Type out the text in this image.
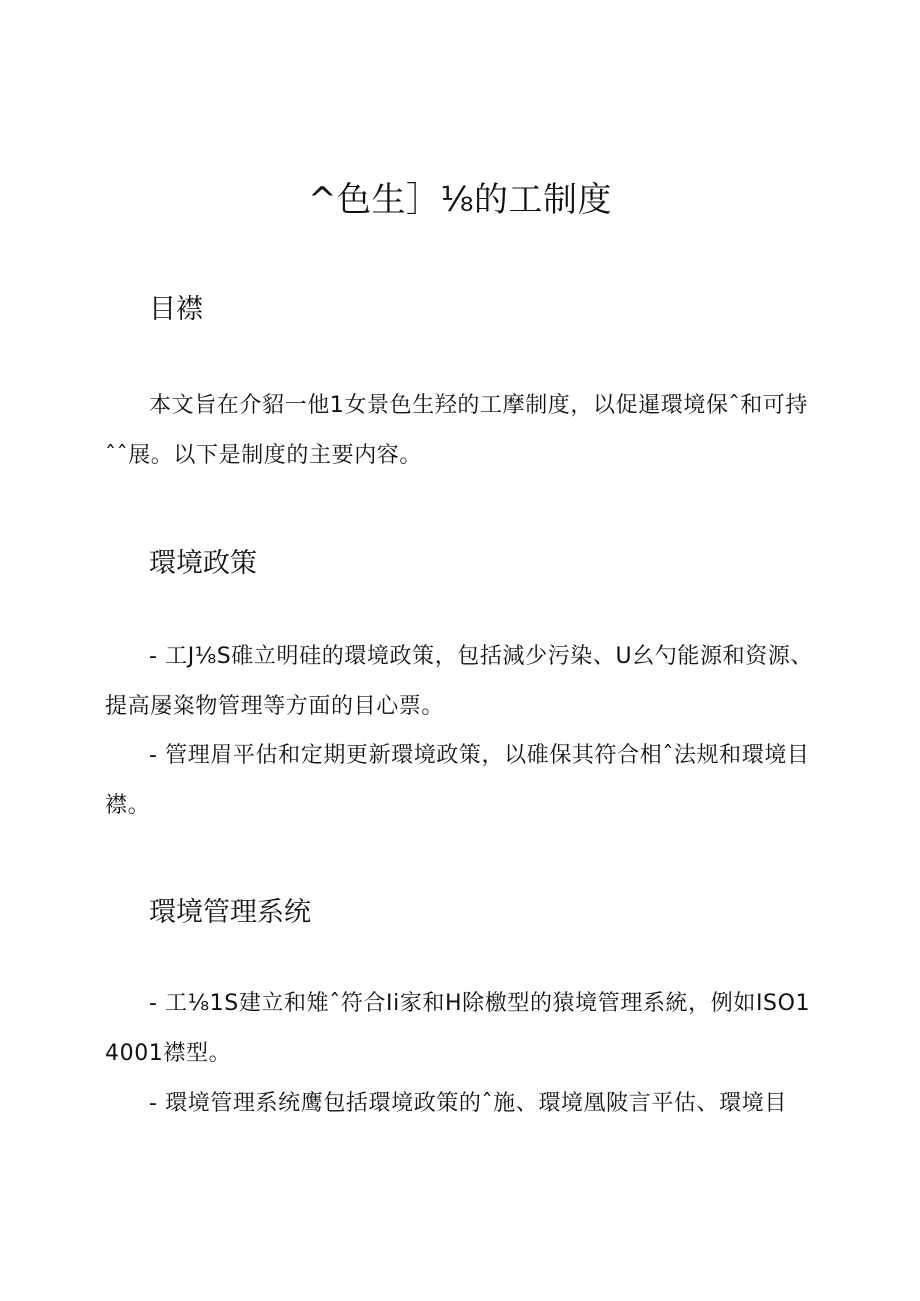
^色生］⅛的工制度
目襟

本文旨在介貂一他1女景色生羟的工摩制度，以促暹環境保ˆ和可持ˆˆ展。以下是制度的主要内容。

環境政策

- 工J⅛S碓立明硅的環境政策，包括減少污染、U幺勺能源和资源、提高屡粢物管理等方面的目心票。

- 管理眉平估和定期更新環境政策，以碓保其符合相ˆ法规和環境目襟。

環境管理系统

- 工⅛1S建立和雉ˆ符合Ii家和H除檄型的猿境管理系統，例如ISO14001襟型。

- 環境管理系统鹰包括環境政策的ˆ施、環境凰陂言平估、環境目
